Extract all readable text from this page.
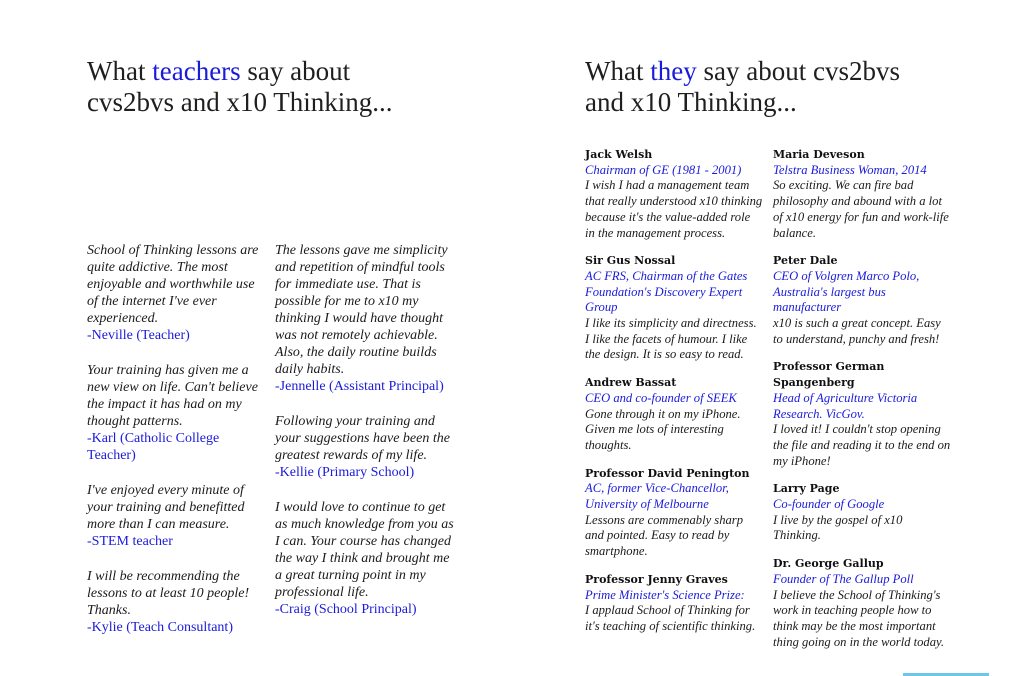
What teachers say about
cvs2bvs and x10 Thinking...
What they say about cvs2bvs
and x10 Thinking...

School of Thinking lessons are quite addictive. The most enjoyable and worthwhile use of the internet I've ever experienced.

-Neville (Teacher)

Your training has given me a new view on life. Can't believe the impact it has had on my thought patterns.

-Karl (Catholic College Teacher)

I've enjoyed every minute of your training and benefitted more than I can measure.

-STEM teacher

I will be recommending the lessons to at least 10 people! Thanks.

-Kylie (Teach Consultant)

The lessons gave me simplicity and repetition of mindful tools for immediate use. That is possible for me to x10 my thinking I would have thought was not remotely achievable. Also, the daily routine builds daily habits.

-Jennelle (Assistant Principal)

Following your training and your suggestions have been the greatest rewards of my life.

-Kellie (Primary School)

I would love to continue to get as much knowledge from you as I can. Your course has changed the way I think and brought me a great turning point in my professional life.

-Craig (School Principal)

Jack Welsh

Chairman of GE (1981 - 2001)

I wish I had a management team that really understood x10 thinking because it's the value-added role in the management process.

Sir Gus Nossal

AC FRS, Chairman of the Gates Foundation's Discovery Expert Group

I like its simplicity and directness. I like the facets of humour. I like the design. It is so easy to read.

Andrew Bassat

CEO and co-founder of SEEK

Gone through it on my iPhone. Given me lots of interesting thoughts.

Professor David Penington

AC, former Vice-Chancellor, University of Melbourne

Lessons are commenably sharp and pointed. Easy to read by smartphone.

Professor Jenny Graves

Prime Minister's Science Prize:

I applaud School of Thinking for it's teaching of scientific thinking.

Maria Deveson

Telstra Business Woman, 2014

So exciting. We can fire bad philosophy and abound with a lot of x10 energy for fun and work-life balance.

Peter Dale

CEO of Volgren Marco Polo, Australia's largest bus manufacturer

x10 is such a great concept. Easy to understand, punchy and fresh!

Professor German Spangenberg

Head of Agriculture Victoria Research. VicGov.

I loved it! I couldn't stop opening the file and reading it to the end on my iPhone!

Larry Page

Co-founder of Google

I live by the gospel of x10 Thinking.

Dr. George Gallup

Founder of The Gallup Poll

I believe the School of Thinking's work in teaching people how to think may be the most important thing going on in the world today.
